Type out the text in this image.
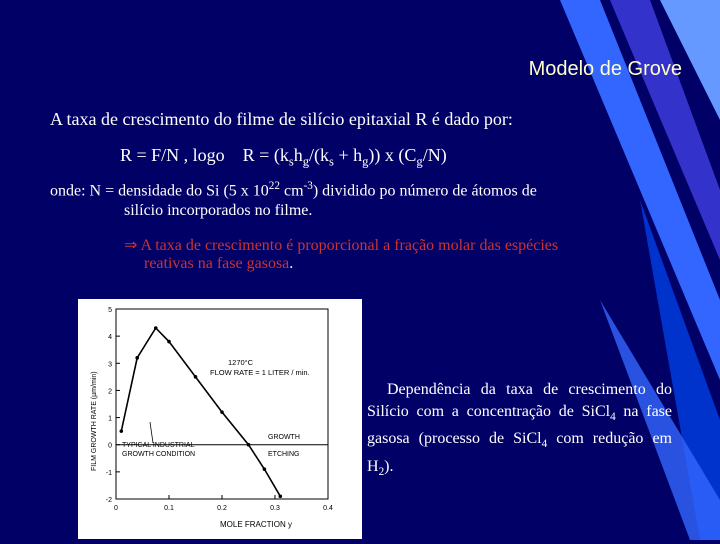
Modelo de Grove
A taxa de crescimento do filme de silício epitaxial R é dado por:
R = F/N , logo $R = (k_sh_g/(k_s + h_g))$ x $(C_g/N)$
onde: N = densidade do Si (5 x $10^{22}$ $cm^{-3}$) dividido po número de átomos de
silício incorporados no filme.
⇒ A taxa de crescimento é proporcional a fração molar das espécies
reativas na fase gasosa.
-2
-1
0
1
2
3
4
5
0	0.1	0.2	0.3	0.4
1270°C
FLOW RATE = 1 LITER / min.
TYPICAL INDUSTRIAL
GROWTH CONDITION
GROWTH
ETCHING
MOLE FRACTION y
FILM GROWTH RATE (µm/min)	Dependência da taxa de crescimento do Silício com a concentração de SiCl$_4$ na fase gasosa (processo de SiCl$_4$ com redução em $H_2$).
